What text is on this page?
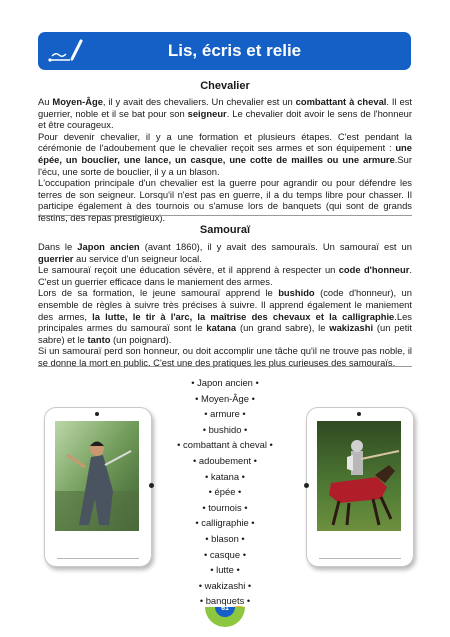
Lis, écris et relie
Chevalier

Au Moyen-Âge, il y avait des chevaliers. Un chevalier est un combattant à cheval. Il est guerrier, noble et il se bat pour son seigneur. Le chevalier doit avoir le sens de l'honneur et être courageux.

Pour devenir chevalier, il y a une formation et plusieurs étapes. C'est pendant la cérémonie de l'adoubement que le chevalier reçoit ses armes et son équipement : une épée, un bouclier, une lance, un casque, une cotte de mailles ou une armure.Sur l'écu, une sorte de bouclier, il y a un blason.

L'occupation principale d'un chevalier est la guerre pour agrandir ou pour défendre les terres de son seigneur. Lorsqu'il n'est pas en guerre, il a du temps libre pour chasser. Il participe également à des tournois ou s'amuse lors de banquets (qui sont de grands festins, des repas prestigieux).

Samouraï

Dans le Japon ancien (avant 1860), il y avait des samouraïs. Un samouraï est un guerrier au service d'un seigneur local.

Le samouraï reçoit une éducation sévère, et il apprend à respecter un code d'honneur. C'est un guerrier efficace dans le maniement des armes.

Lors de sa formation, le jeune samouraï apprend le bushido (code d'honneur), un ensemble de règles à suivre très précises à suivre. Il apprend également le maniement des armes, la lutte, le tir à l'arc, la maîtrise des chevaux et la calligraphie.Les principales armes du samouraï sont le katana (un grand sabre), le wakizashi (un petit sabre) et le tanto (un poignard).

Si un samouraï perd son honneur, ou doit accomplir une tâche qu'il ne trouve pas noble, il se donne la mort en public. C'est une des pratiques les plus curieuses des samouraïs.

• Japon ancien •
• Moyen-Âge •
• armure •
• bushido •
• combattant à cheval •
• adoubement •
• katana •
• épée •
• tournois •
• calligraphie •
• blason •
• casque •
• lutte •
• wakizashi •
• banquets •
61
